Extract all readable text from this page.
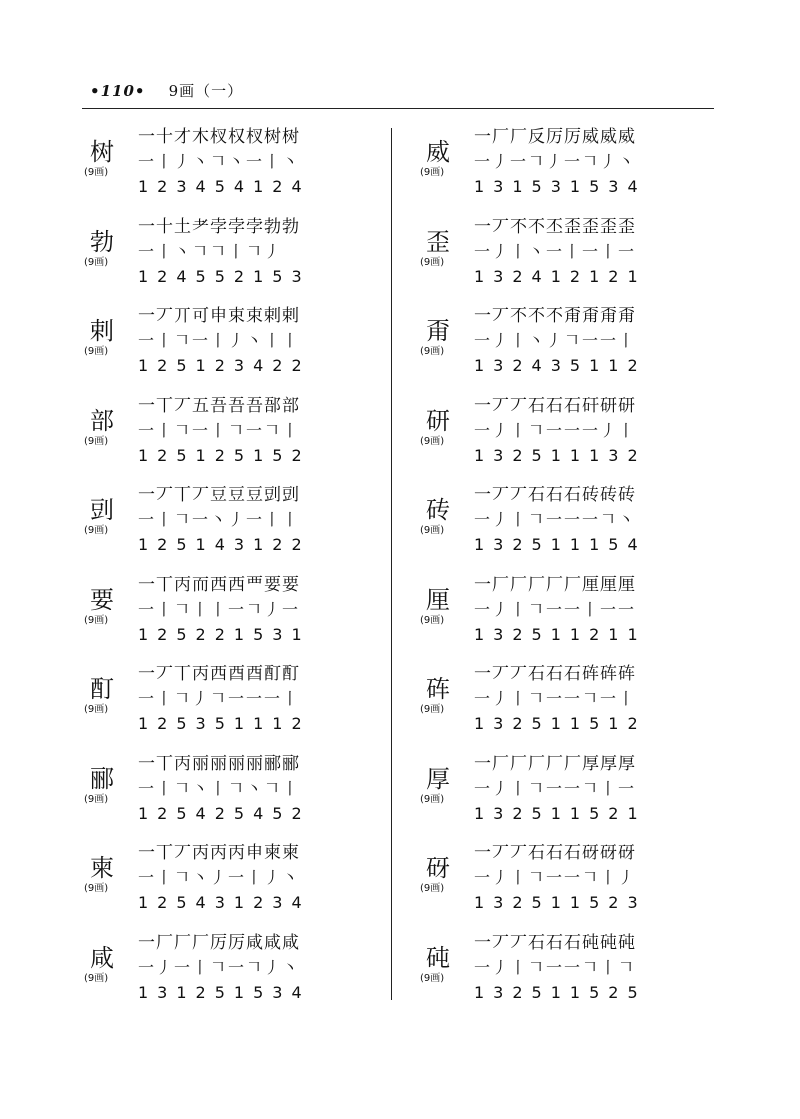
•110• 9画（一）
树
(9画)
一十才木杈权杈树树
一丨丿丶𠃍丶一丨丶
123454124
勃
(9画)
一十土耂孛孛孛勃勃
一丨丶𠃍𠃍丨𠃍丿
124552153
剌
(9画)
一丆丌可申束束剌剌
一丨𠃍一丨丿丶丨丨
125123422
部
(9画)
一丅丆五吾吾吾郚部
一丨𠃍一丨𠃍一𠃍丨
125125152
剅
(9画)
一丆丅丆豆豆豆剅剅
一丨𠃍一丶丿一丨丨
125143122
要
(9画)
一丅丙而西西覀要要
一丨𠃍丨丨一𠃍丿一
125221531
酊
(9画)
一丆丅丙西酉酉酊酊
一丨𠃍丿𠃍一一一丨
125351112
郦
(9画)
一丅丙丽丽丽丽郦郦
一丨𠃍丶丨𠃍丶𠃍丨
125425452
柬
(9画)
一丅丆丙丙丙申柬柬
一丨𠃍丶丿一丨丿丶
125431234
咸
(9画)
一厂厂厂厉厉咸咸咸
一丿一丨𠃍一𠃍丿丶
131251534
威
(9画)
一厂厂反厉厉威威威
一丿一𠃍丿一𠃍丿丶
131531534
歪
(9画)
一丆不不丕歪歪歪歪
一丿丨丶一丨一丨一
132412121
甭
(9画)
一丆不不不甭甭甭甭
一丿丨丶丿𠃍一一丨
132435112
研
(9画)
一丆丆石石石矸研研
一丿丨𠃍一一一丿丨
132511132
砖
(9画)
一丆丆石石石砖砖砖
一丿丨𠃍一一一𠃍丶
132511154
厘
(9画)
一厂厂厂厂厂厘厘厘
一丿丨𠃍一一丨一一
132511211
砗
(9画)
一丆丆石石石砗砗砗
一丿丨𠃍一一𠃍一丨
132511512
厚
(9画)
一厂厂厂厂厂厚厚厚
一丿丨𠃍一一𠃍丨一
132511521
砑
(9画)
一丆丆石石石砑砑砑
一丿丨𠃍一一𠃍丨丿
132511523
砘
(9画)
一丆丆石石石砘砘砘
一丿丨𠃍一一𠃍丨𠃍
132511525
